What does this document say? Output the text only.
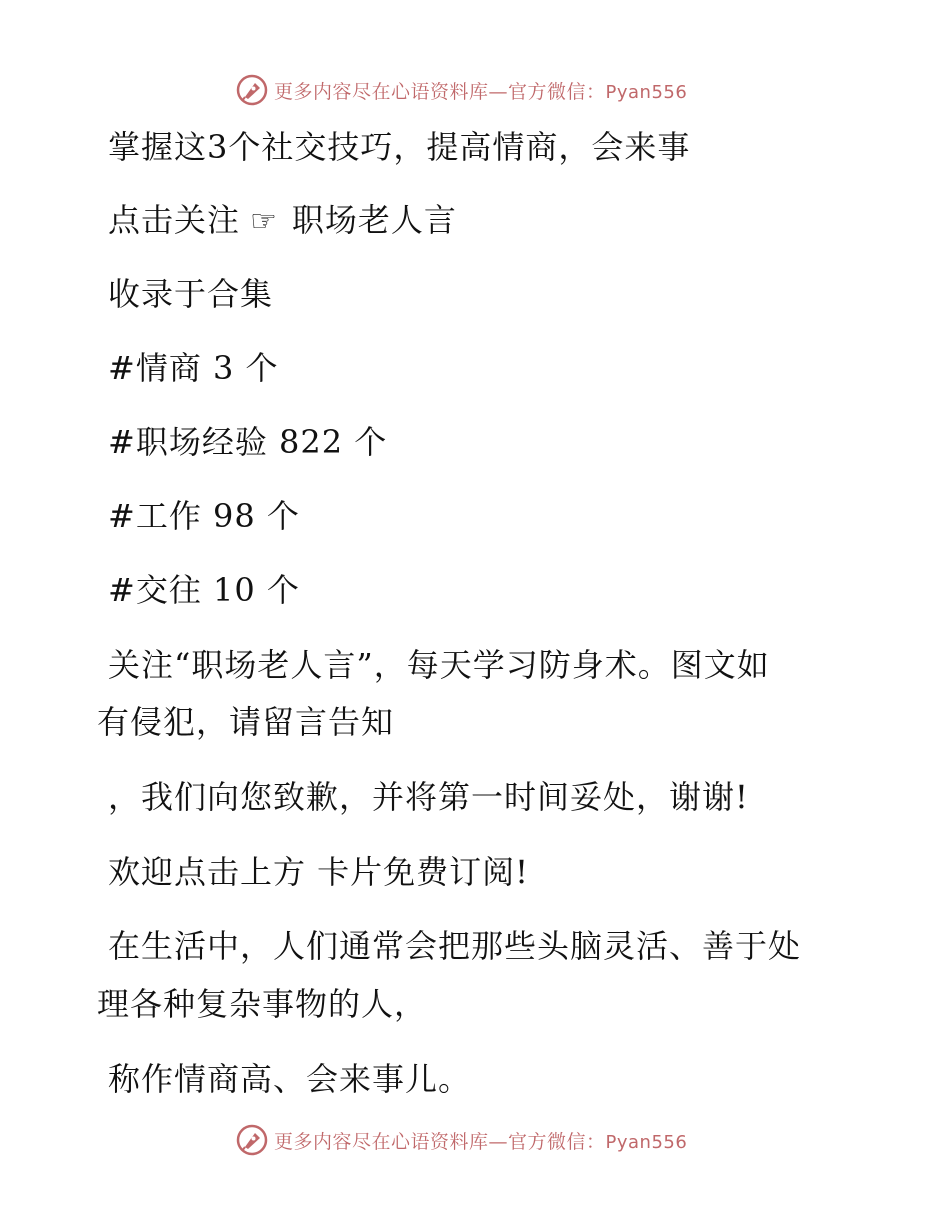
更多内容尽在心语资料库—官方微信：Pyan556
掌握这3个社交技巧，提高情商，会来事
点击关注 ☞ 职场老人言
收录于合集
#情商 3 个
#职场经验 822 个
#工作 98 个
#交往 10 个
关注“职场老人言”，每天学习防身术。图文如
有侵犯，请留言告知
，我们向您致歉，并将第一时间妥处，谢谢!
欢迎点击上方 卡片免费订阅!
在生活中，人们通常会把那些头脑灵活、善于处
理各种复杂事物的人，
称作情商高、会来事儿。
更多内容尽在心语资料库—官方微信：Pyan556
